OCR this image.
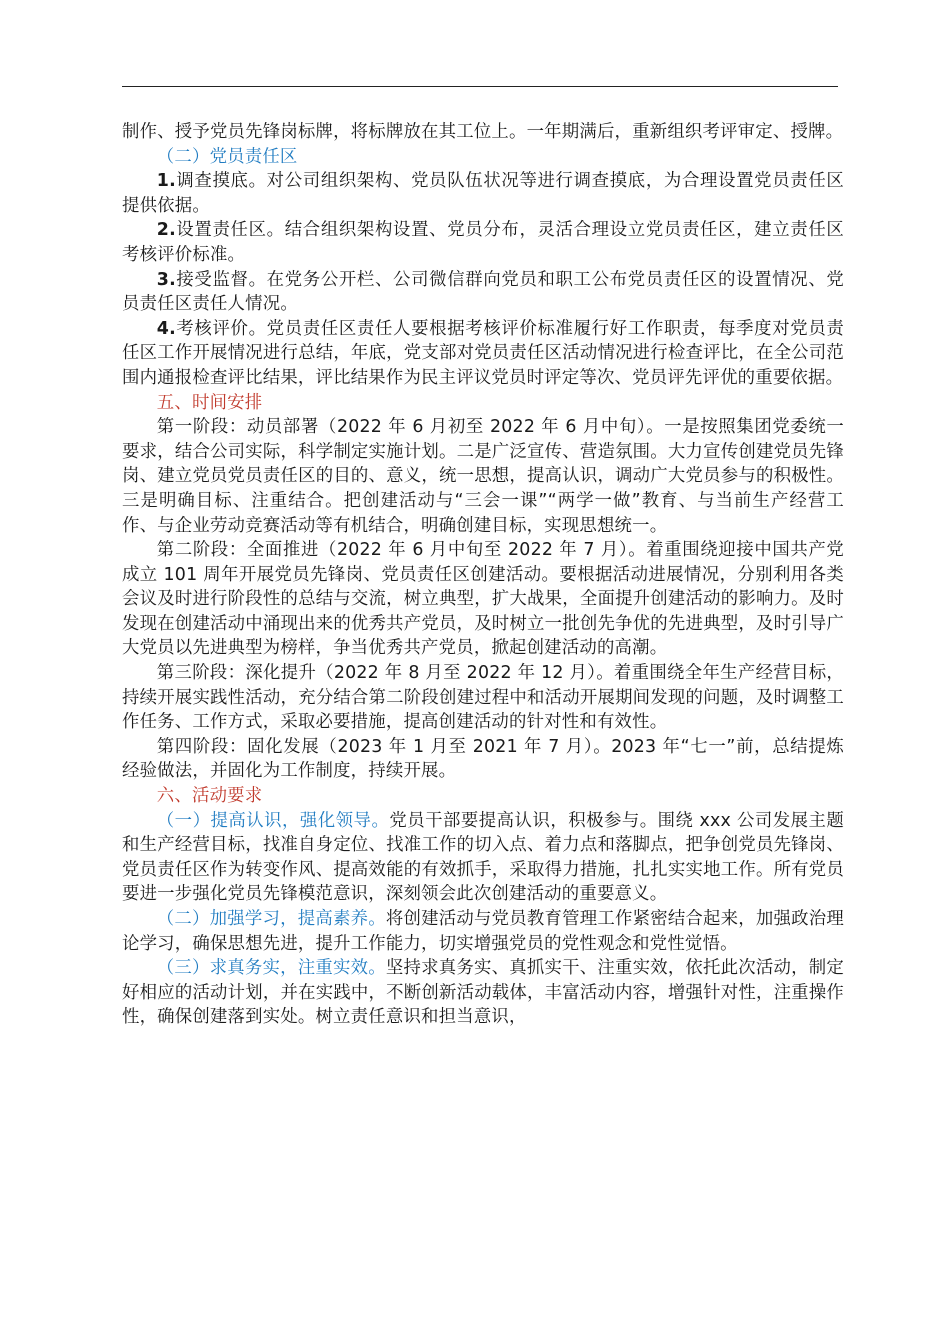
制作、授予党员先锋岗标牌，将标牌放在其工位上。一年期满后，重新组织考评审定、授牌。

（二）党员责任区

1.调查摸底。对公司组织架构、党员队伍状况等进行调查摸底，为合理设置党员责任区提供依据。

2.设置责任区。结合组织架构设置、党员分布，灵活合理设立党员责任区，建立责任区考核评价标准。

3.接受监督。在党务公开栏、公司微信群向党员和职工公布党员责任区的设置情况、党员责任区责任人情况。

4.考核评价。党员责任区责任人要根据考核评价标准履行好工作职责，每季度对党员责任区工作开展情况进行总结，年底，党支部对党员责任区活动情况进行检查评比，在全公司范围内通报检查评比结果，评比结果作为民主评议党员时评定等次、党员评先评优的重要依据。

五、时间安排

第一阶段：动员部署（2022 年 6 月初至 2022 年 6 月中旬）。一是按照集团党委统一要求，结合公司实际，科学制定实施计划。二是广泛宣传、营造氛围。大力宣传创建党员先锋岗、建立党员党员责任区的目的、意义，统一思想，提高认识，调动广大党员参与的积极性。三是明确目标、注重结合。把创建活动与“三会一课”“两学一做”教育、与当前生产经营工作、与企业劳动竞赛活动等有机结合，明确创建目标，实现思想统一。

第二阶段：全面推进（2022 年 6 月中旬至 2022 年 7 月）。着重围绕迎接中国共产党成立 101 周年开展党员先锋岗、党员责任区创建活动。要根据活动进展情况，分别利用各类会议及时进行阶段性的总结与交流，树立典型，扩大战果，全面提升创建活动的影响力。及时发现在创建活动中涌现出来的优秀共产党员，及时树立一批创先争优的先进典型，及时引导广大党员以先进典型为榜样，争当优秀共产党员，掀起创建活动的高潮。

第三阶段：深化提升（2022 年 8 月至 2022 年 12 月）。着重围绕全年生产经营目标，持续开展实践性活动，充分结合第二阶段创建过程中和活动开展期间发现的问题，及时调整工作任务、工作方式，采取必要措施，提高创建活动的针对性和有效性。

第四阶段：固化发展（2023 年 1 月至 2021 年 7 月）。2023 年“七一”前，总结提炼经验做法，并固化为工作制度，持续开展。

六、活动要求

（一）提高认识，强化领导。党员干部要提高认识，积极参与。围绕 xxx 公司发展主题和生产经营目标，找准自身定位、找准工作的切入点、着力点和落脚点，把争创党员先锋岗、党员责任区作为转变作风、提高效能的有效抓手，采取得力措施，扎扎实实地工作。所有党员要进一步强化党员先锋模范意识，深刻领会此次创建活动的重要意义。

（二）加强学习，提高素养。将创建活动与党员教育管理工作紧密结合起来，加强政治理论学习，确保思想先进，提升工作能力，切实增强党员的党性观念和党性觉悟。

（三）求真务实，注重实效。坚持求真务实、真抓实干、注重实效，依托此次活动，制定好相应的活动计划，并在实践中，不断创新活动载体，丰富活动内容，增强针对性，注重操作性，确保创建落到实处。树立责任意识和担当意识，
